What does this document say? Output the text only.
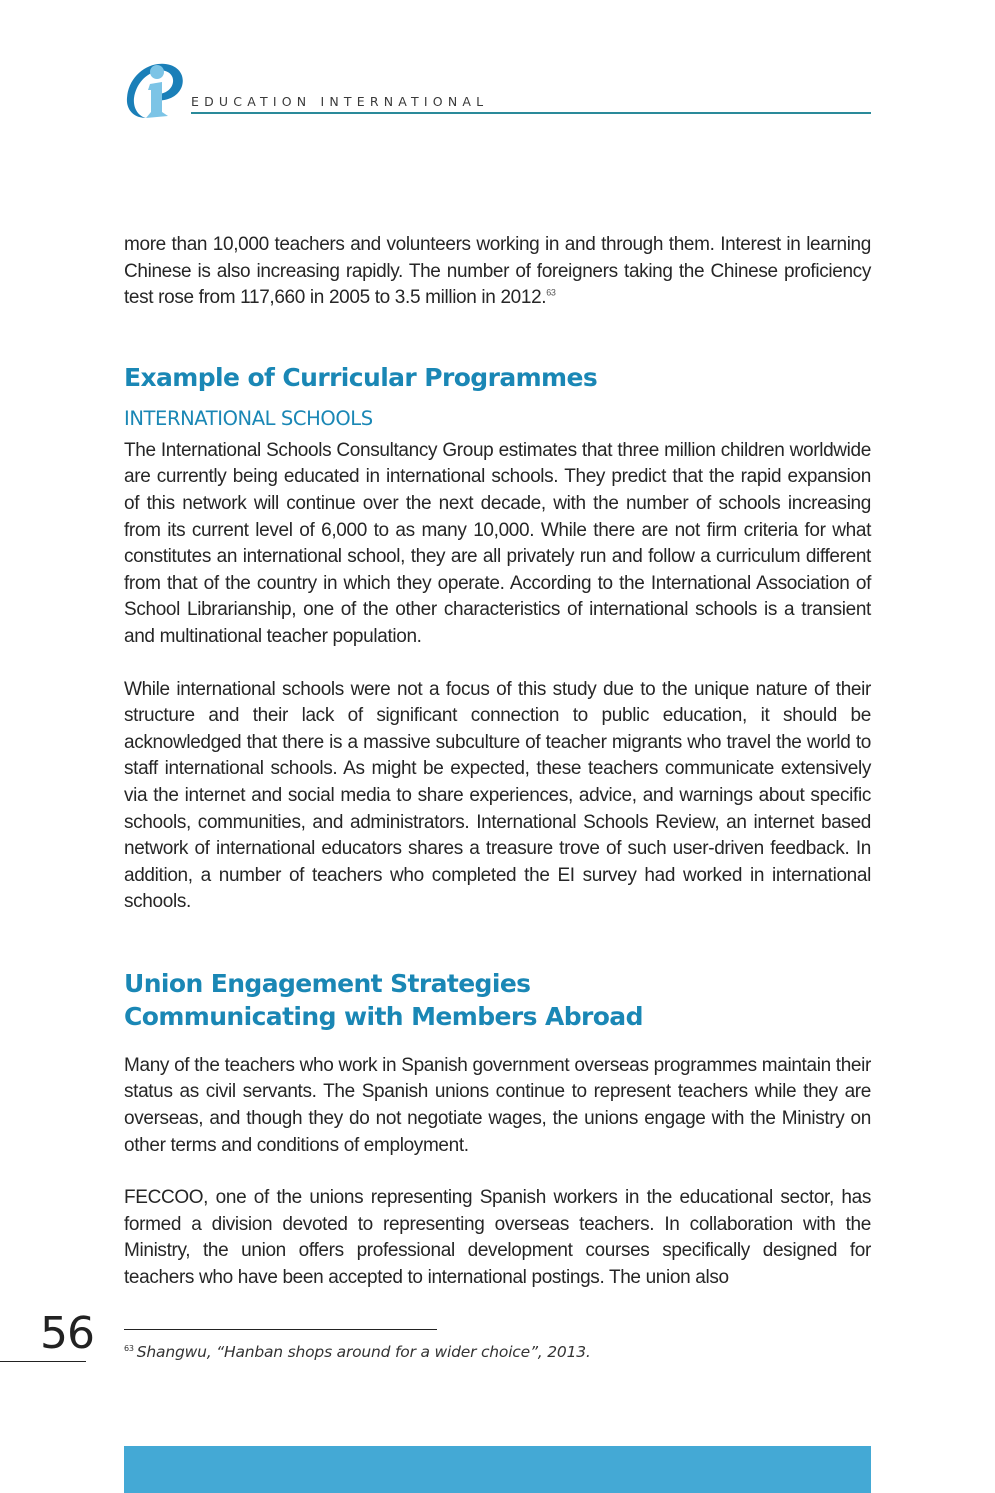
EDUCATION INTERNATIONAL

more than 10,000 teachers and volunteers working in and through them. Interest in learning Chinese is also increasing rapidly. The number of foreigners taking the Chinese proficiency test rose from 117,660 in 2005 to 3.5 million in 2012.63

Example of Curricular Programmes
INTERNATIONAL SCHOOLS

The International Schools Consultancy Group estimates that three million children worldwide are currently being educated in international schools. They predict that the rapid expansion of this network will continue over the next decade, with the number of schools increasing from its current level of 6,000 to as many 10,000. While there are not firm criteria for what constitutes an international school, they are all privately run and follow a curriculum different from that of the country in which they operate. According to the International Association of School Librarianship, one of the other characteristics of international schools is a transient and multinational teacher population.

While international schools were not a focus of this study due to the unique nature of their structure and their lack of significant connection to public education, it should be acknowledged that there is a massive subculture of teacher migrants who travel the world to staff international schools. As might be expected, these teachers communicate extensively via the internet and social media to share experiences, advice, and warnings about specific schools, communities, and administrators. International Schools Review, an internet based network of international educators shares a treasure trove of such user-driven feedback. In addition, a number of teachers who completed the EI survey had worked in international schools.

Union Engagement Strategies
Communicating with Members Abroad

Many of the teachers who work in Spanish government overseas programmes maintain their status as civil servants. The Spanish unions continue to represent teachers while they are overseas, and though they do not negotiate wages, the unions engage with the Ministry on other terms and conditions of employment.

FECCOO, one of the unions representing Spanish workers in the educational sector, has formed a division devoted to representing overseas teachers. In collaboration with the Ministry, the union offers professional development courses specifically designed for teachers who have been accepted to international postings. The union also

56	$^{63}$ Shangwu, “Hanban shops around for a wider choice”, 2013.
